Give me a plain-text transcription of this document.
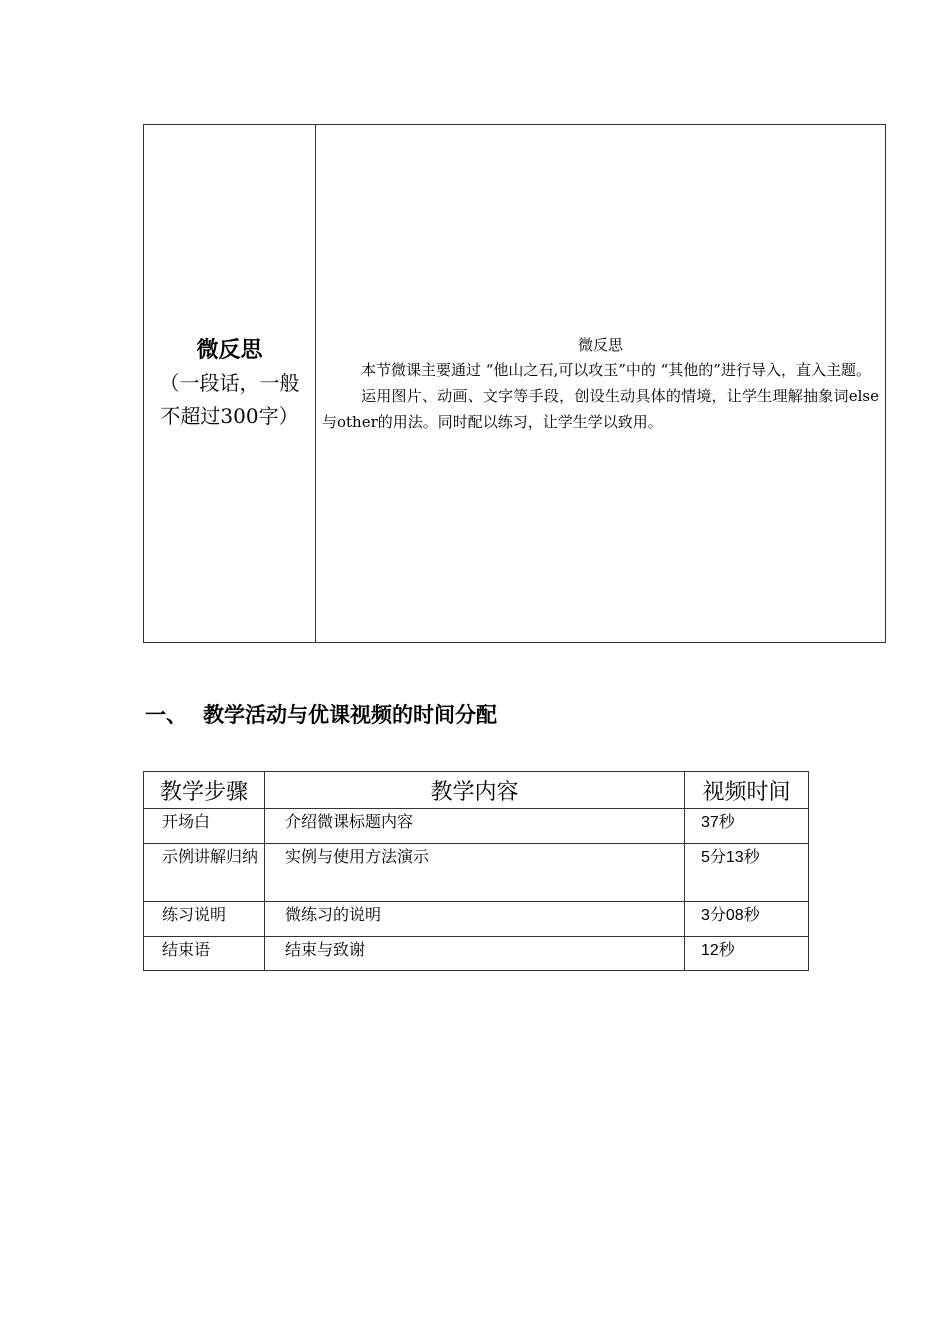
微反思
（一段话，一般不超过300字）
微反思

本节微课主要通过 “他山之石,可以攻玉”中的 “其他的”进行导入，直入主题。

运用图片、动画、文字等手段，创设生动具体的情境，让学生理解抽象词else与other的用法。同时配以练习，让学生学以致用。

一、 教学活动与优课视频的时间分配
教学步骤	教学内容	视频时间
开场白	介绍微课标题内容	37秒
示例讲解归纳	实例与使用方法演示	5分13秒
练习说明	微练习的说明	3分08秒
结束语	结束与致谢	12秒
